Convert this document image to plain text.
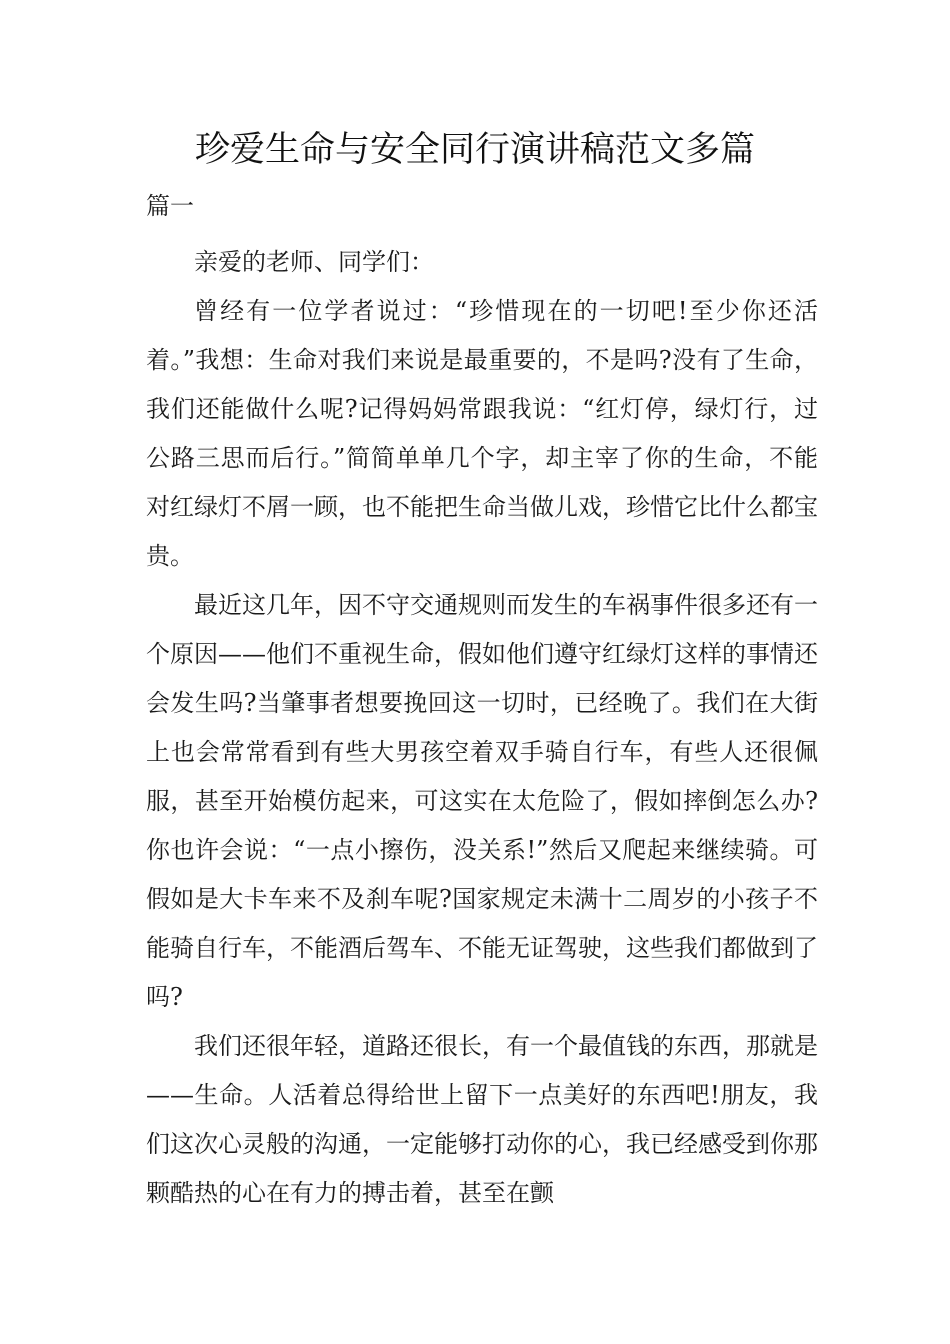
珍爱生命与安全同行演讲稿范文多篇

篇一

亲爱的老师、同学们：

曾经有一位学者说过：“珍惜现在的一切吧!至少你还活着。”我想：生命对我们来说是最重要的，不是吗?没有了生命，我们还能做什么呢?记得妈妈常跟我说：“红灯停，绿灯行，过公路三思而后行。”简简单单几个字，却主宰了你的生命，不能对红绿灯不屑一顾，也不能把生命当做儿戏，珍惜它比什么都宝贵。

最近这几年，因不守交通规则而发生的车祸事件很多还有一个原因——他们不重视生命，假如他们遵守红绿灯这样的事情还会发生吗?当肇事者想要挽回这一切时，已经晚了。我们在大街上也会常常看到有些大男孩空着双手骑自行车，有些人还很佩服，甚至开始模仿起来，可这实在太危险了，假如摔倒怎么办?你也许会说：“一点小擦伤，没关系!”然后又爬起来继续骑。可假如是大卡车来不及刹车呢?国家规定未满十二周岁的小孩子不能骑自行车，不能酒后驾车、不能无证驾驶，这些我们都做到了吗?

我们还很年轻，道路还很长，有一个最值钱的东西，那就是——生命。人活着总得给世上留下一点美好的东西吧!朋友，我们这次心灵般的沟通，一定能够打动你的心，我已经感受到你那颗酷热的心在有力的搏击着，甚至在颤
